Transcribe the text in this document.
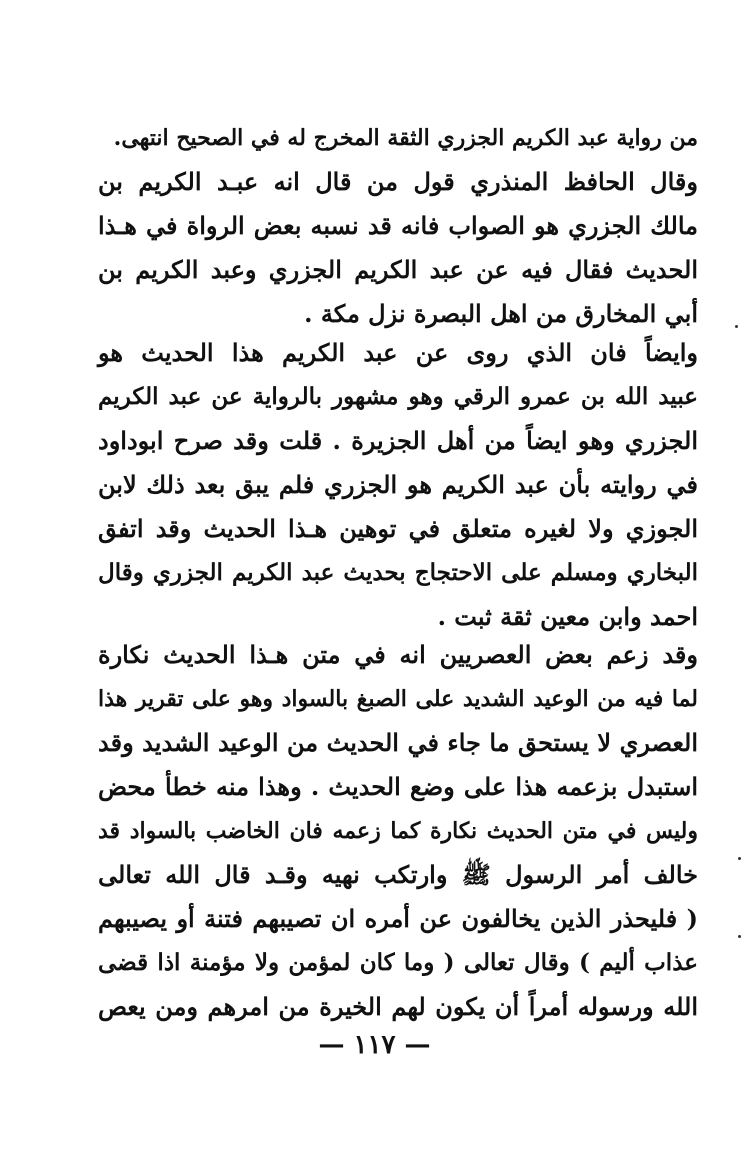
من رواية عبد الكريم الجزري الثقة المخرج له في الصحيح انتهى.
وقال الحافظ المنذري قول من قال انه عبـد الكريم بن
مالك الجزري هو الصواب فانه قد نسبه بعض الرواة في هـذا
الحديث فقال فيه عن عبد الكريم الجزري وعبد الكريم بن
أبي المخارق من اهل البصرة نزل مكة .
وايضاً فان الذي روى عن عبد الكريم هذا الحديث هو
عبيد الله بن عمرو الرقي وهو مشهور بالرواية عن عبد الكريم
الجزري وهو ايضاً من أهل الجزيرة . قلت وقد صرح ابوداود
في روايته بأن عبد الكريم هو الجزري فلم يبق بعد ذلك لابن
الجوزي ولا لغيره متعلق في توهين هـذا الحديث وقد اتفق
البخاري ومسلم على الاحتجاج بحديث عبد الكريم الجزري وقال
احمد وابن معين ثقة ثبت .
وقد زعم بعض العصريين انه في متن هـذا الحديث نكارة
لما فيه من الوعيد الشديد على الصبغ بالسواد وهو على تقرير هذا
العصري لا يستحق ما جاء في الحديث من الوعيد الشديد وقد
استبدل بزعمه هذا على وضع الحديث . وهذا منه خطأ محض
وليس في متن الحديث نكارة كما زعمه فان الخاضب بالسواد قد
خالف أمر الرسول ﷺ وارتكب نهيه وقـد قال الله تعالى
( فليحذر الذين يخالفون عن أمره ان تصيبهم فتنة أو يصيبهم
عذاب أليم ) وقال تعالى ( وما كان لمؤمن ولا مؤمنة اذا قضى
الله ورسوله أمراً أن يكون لهم الخيرة من امرهم ومن يعص
— ١١٧ —
